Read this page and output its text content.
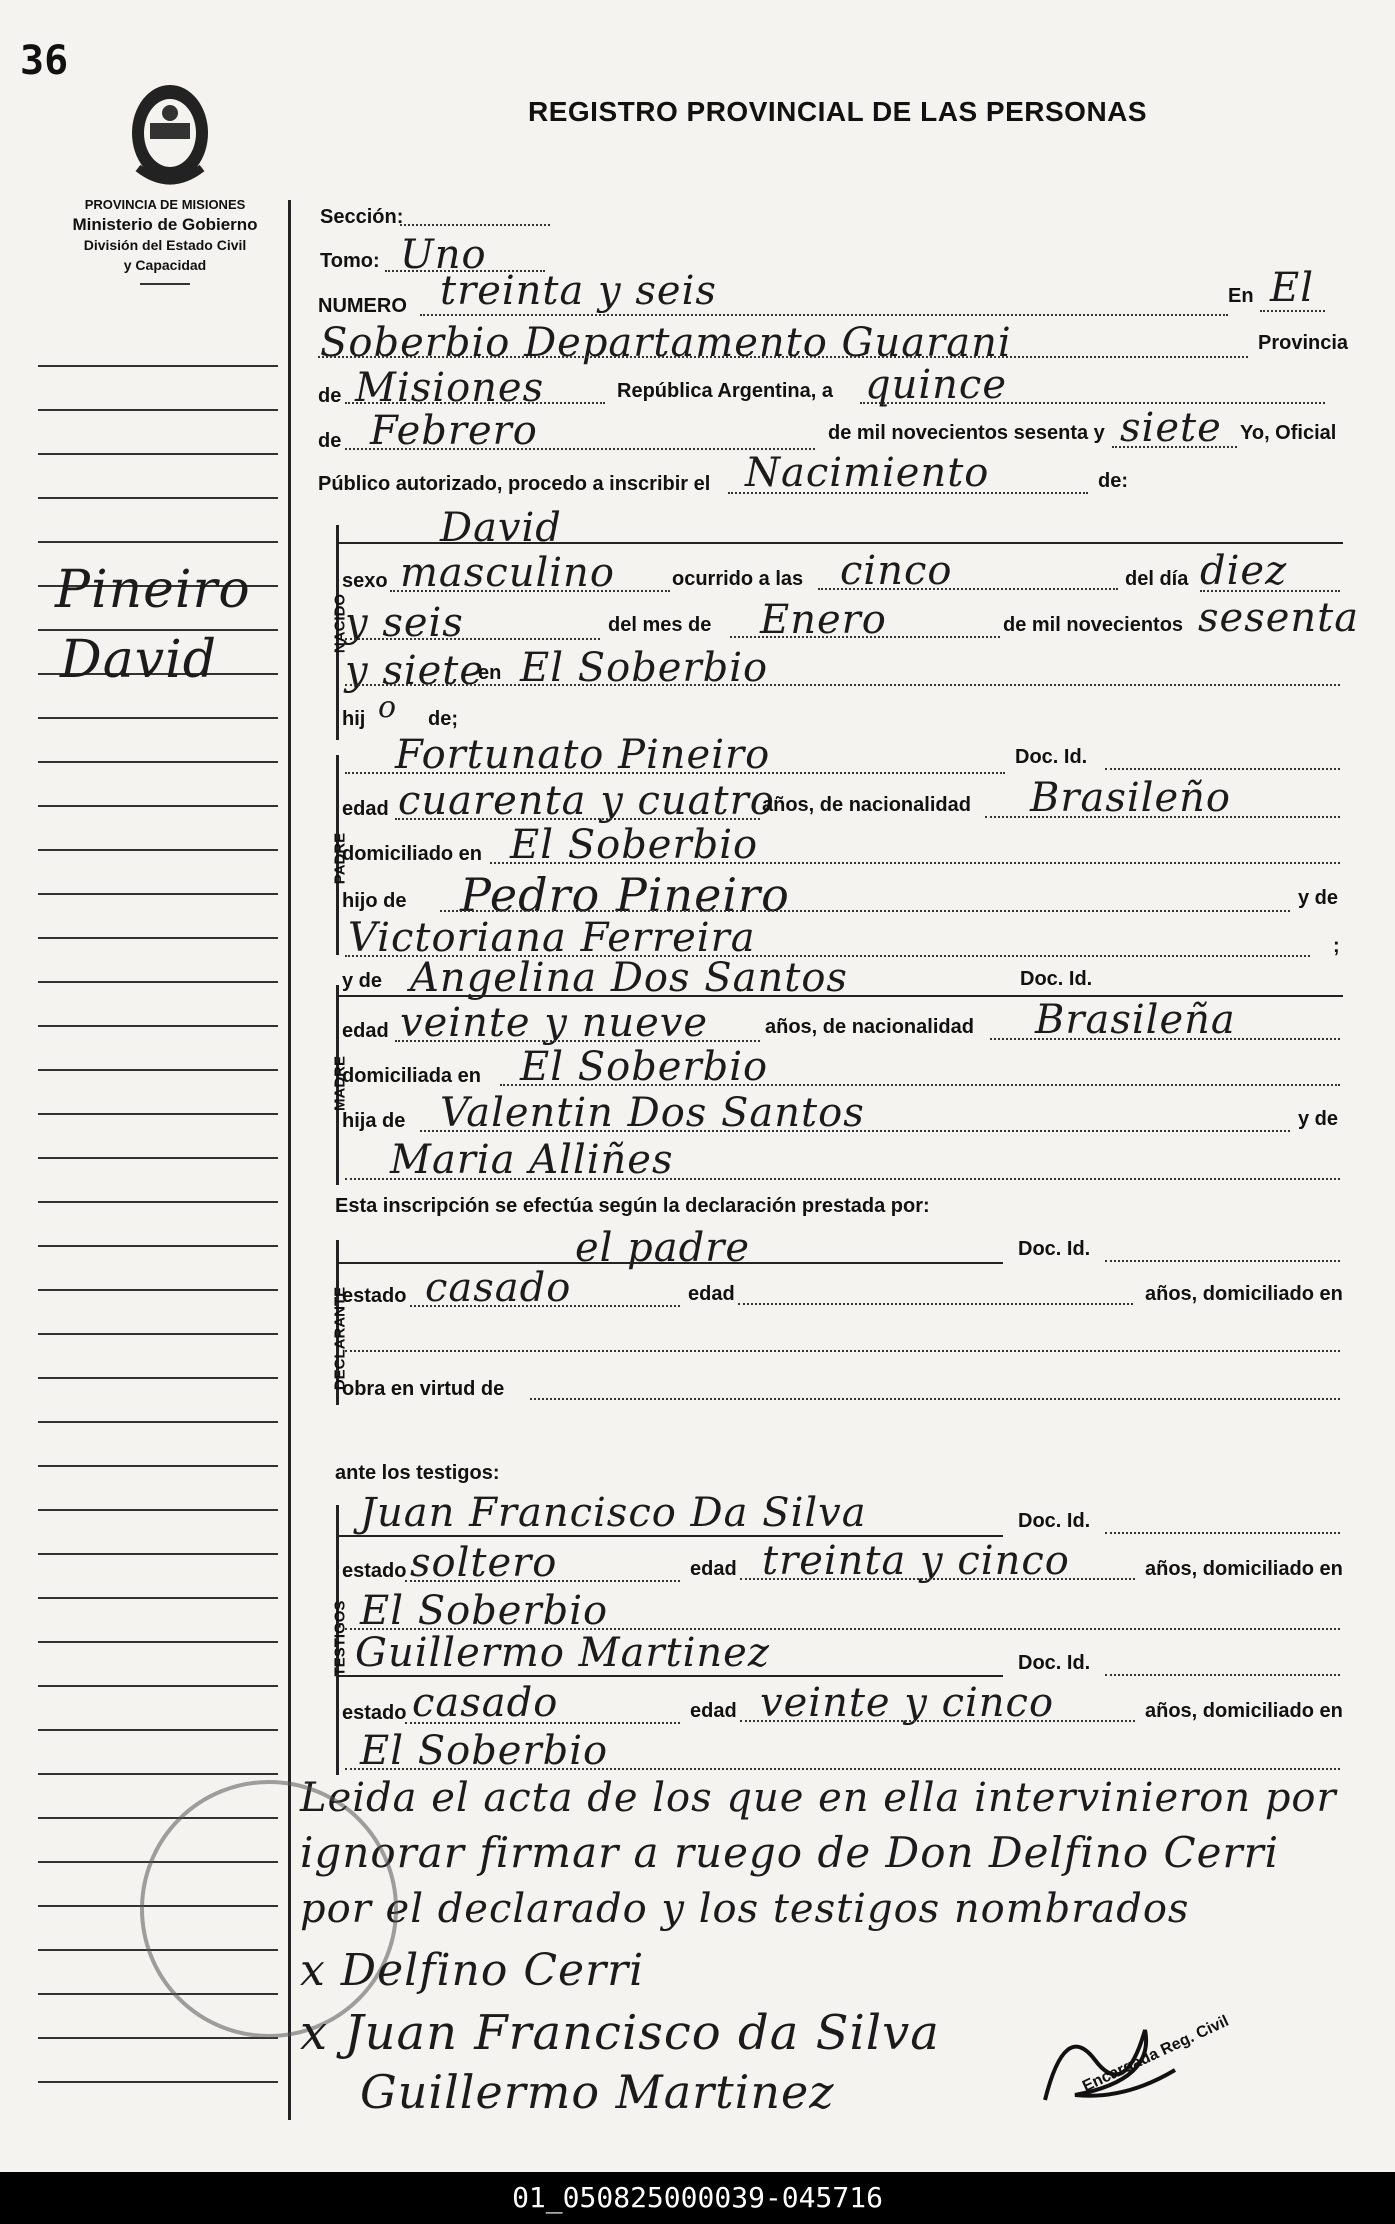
36
PROVINCIA DE MISIONES
Ministerio de Gobierno
División del Estado Civil
y Capacidad
REGISTRO PROVINCIAL DE LAS PERSONAS
Pineiro
David
Sección:
Tomo: Uno
NUMERO treinta y seis	En El
Soberbio Departamento Guarani	Provincia
de Misiones	República Argentina, a quince
de Febrero	de mil novecientos sesenta y siete Yo, Oficial
Público autorizado, procedo a inscribir el Nacimiento	de:
NACIDO
David
sexo masculino	ocurrido a las cinco	del día diez
y seis	del mes de Enero	de mil novecientos sesenta
y siete
en El Soberbio
hij o de;
PADRE
Fortunato Pineiro	Doc. Id.
edad cuarenta y cuatro
años, de nacionalidad Brasileño
domiciliado en El Soberbio
hijo de Pedro Pineiro	y de
Victoriana Ferreira	;
MADRE
y de Angelina Dos Santos	Doc. Id.
edad veinte y nueve	años, de nacionalidad Brasileña
domiciliada en El Soberbio
hija de Valentin Dos Santos	y de
Maria Alliñes
Esta inscripción se efectúa según la declaración prestada por:
DECLARANTE
el padre	Doc. Id.
estado casado	edad	años, domiciliado en
obra en virtud de
ante los testigos:
TESTIGOS
Juan Francisco Da Silva	Doc. Id.
estado soltero	edad treinta y cinco	años, domiciliado en
El Soberbio
Guillermo Martinez	Doc. Id.
estado casado	edad veinte y cinco	años, domiciliado en
El Soberbio
Leida el acta de los que en ella intervinieron por
ignorar firmar a ruego de Don Delfino Cerri
por el declarado y los testigos nombrados
x Delfino Cerri
x Juan Francisco da Silva
Guillermo Martinez	Encargada Reg. Civil
01_050825000039-045716
